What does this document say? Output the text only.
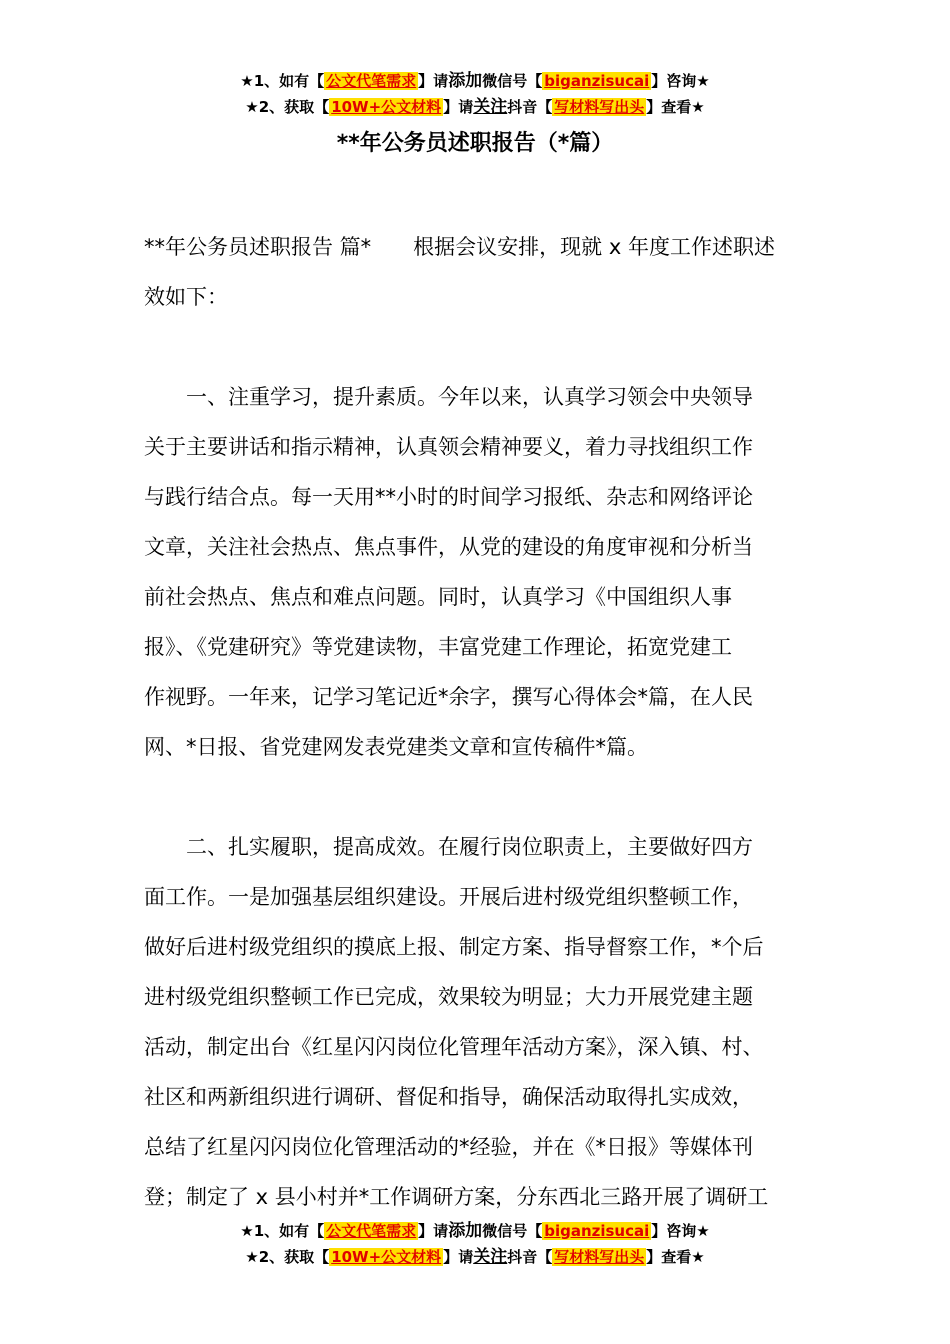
★1、如有【 公文代笔需求 】请添加微信号【 biganzisucai 】咨询★
★2、获取【 10W+公文材料 】请关注抖音【 写材料写出头 】查看★
**年公务员述职报告（*篇）

**年公务员述职报告 篇*　　根据会议安排，现就 x 年度工作述职述

效如下：

　　一、注重学习，提升素质。今年以来，认真学习领会中央领导

关于主要讲话和指示精神，认真领会精神要义，着力寻找组织工作

与践行结合点。每一天用**小时的时间学习报纸、杂志和网络评论

文章，关注社会热点、焦点事件，从党的建设的角度审视和分析当

前社会热点、焦点和难点问题。同时，认真学习《中国组织人事

报》、《党建研究》等党建读物，丰富党建工作理论，拓宽党建工

作视野。一年来，记学习笔记近*余字，撰写心得体会*篇，在人民

网、*日报、省党建网发表党建类文章和宣传稿件*篇。

　　二、扎实履职，提高成效。在履行岗位职责上，主要做好四方

面工作。一是加强基层组织建设。开展后进村级党组织整顿工作，

做好后进村级党组织的摸底上报、制定方案、指导督察工作，*个后

进村级党组织整顿工作已完成，效果较为明显；大力开展党建主题

活动，制定出台《红星闪闪岗位化管理年活动方案》，深入镇、村、

社区和两新组织进行调研、督促和指导，确保活动取得扎实成效，

总结了红星闪闪岗位化管理活动的*经验，并在《*日报》等媒体刊

登；制定了 x 县小村并*工作调研方案，分东西北三路开展了调研工

★1、如有【 公文代笔需求 】请添加微信号【 biganzisucai 】咨询★
★2、获取【 10W+公文材料 】请关注抖音【 写材料写出头 】查看★
